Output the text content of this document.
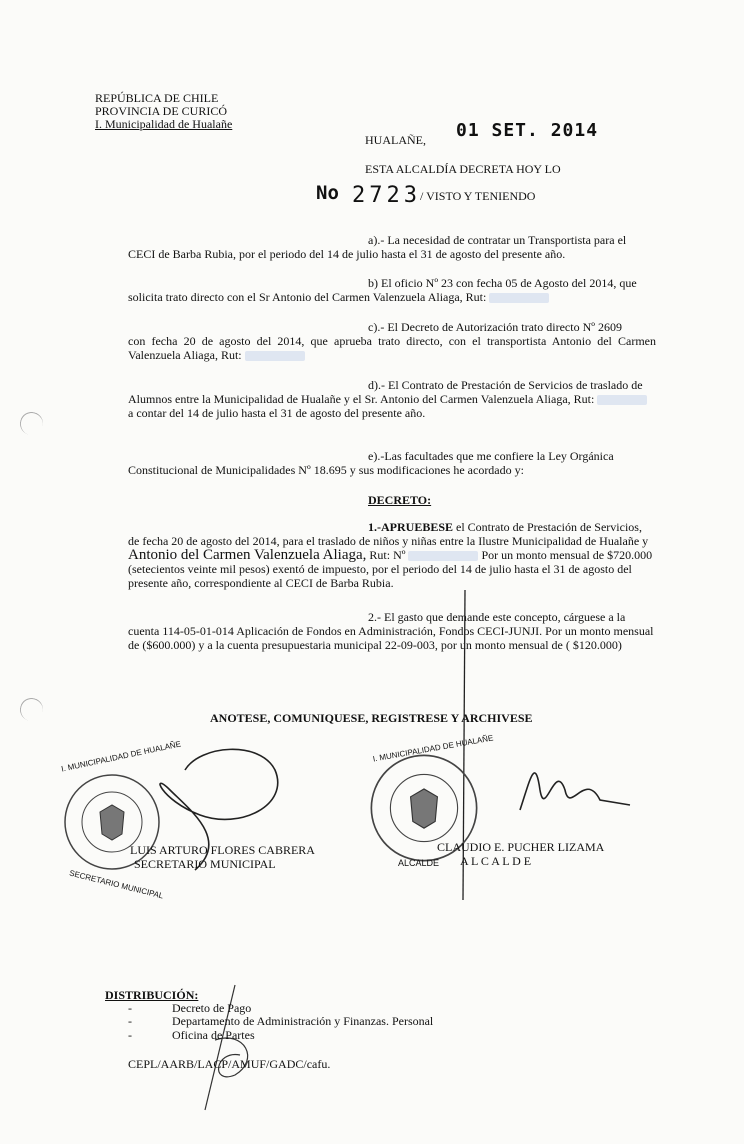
REPÚBLICA DE CHILE
PROVINCIA DE CURICÓ
I. Municipalidad de Hualañe
HUALAÑE, 01 SET. 2014
ESTA ALCALDÍA DECRETA HOY LO
No 2723 / VISTO Y TENIENDO
a).- La necesidad de contratar un Transportista para el
CECI de Barba Rubia, por el periodo del 14 de julio hasta el 31 de agosto del presente año.
b) El oficio Nº 23 con fecha 05 de Agosto del 2014, que
solicita trato directo con el Sr Antonio del Carmen Valenzuela Aliaga, Rut:
c).- El Decreto de Autorización trato directo Nº 2609
con fecha 20 de agosto del 2014, que aprueba trato directo, con el transportista Antonio del Carmen Valenzuela Aliaga, Rut:
d).- El Contrato de Prestación de Servicios de traslado de
Alumnos entre la Municipalidad de Hualañe y el Sr. Antonio del Carmen Valenzuela Aliaga, Rut:
a contar del 14 de julio hasta el 31 de agosto del presente año.
e).-Las facultades que me confiere la Ley Orgánica
Constitucional de Municipalidades Nº 18.695 y sus modificaciones he acordado y:
DECRETO:
1.-APRUEBESE el Contrato de Prestación de Servicios,
de fecha 20 de agosto del 2014, para el traslado de niños y niñas entre la Ilustre Municipalidad de Hualañe y
Antonio del Carmen Valenzuela Aliaga, Rut: Nº	Por un monto mensual de $720.000
(setecientos veinte mil pesos) exentó de impuesto, por el periodo del 14 de julio hasta el 31 de agosto del
presente año, correspondiente al CECI de Barba Rubia.
2.- El gasto que demande este concepto, cárguese a la
cuenta 114-05-01-014 Aplicación de Fondos en Administración, Fondos CECI-JUNJI. Por un monto mensual
de ($600.000) y a la cuenta presupuestaria municipal 22-09-003, por un monto mensual de ( $120.000)
ANOTESE, COMUNIQUESE, REGISTRESE Y ARCHIVESE
I. MUNICIPALIDAD DE HUALAÑE
SECRETARIO MUNICIPAL
I. MUNICIPALIDAD DE HUALAÑE
ALCALDE
LUIS ARTURO FLORES CABRERA
SECRETARIO MUNICIPAL
CLAUDIO E. PUCHER LIZAMA
A L C A L D E
DISTRIBUCIÓN:
-	Decreto de Pago
-	Departamento de Administración y Finanzas. Personal
-	Oficina de Partes
CEPL/AARB/LACP/AMUF/GADC/cafu.
